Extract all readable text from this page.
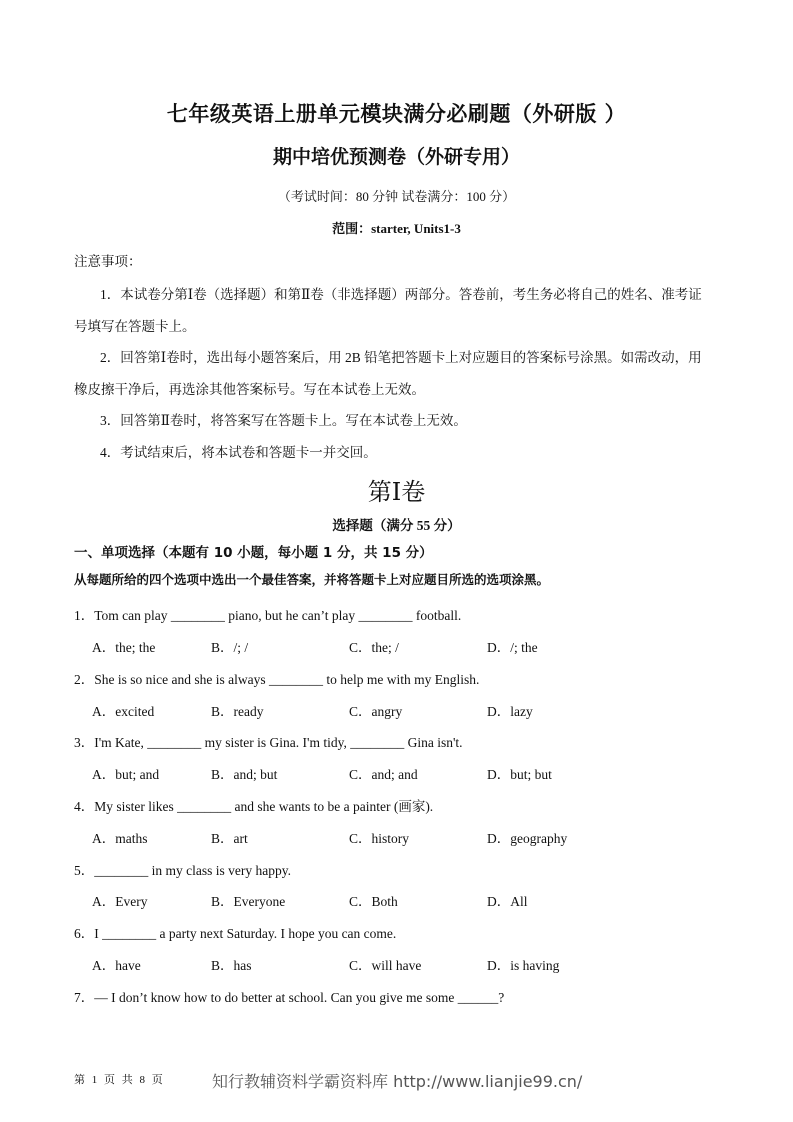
七年级英语上册单元模块满分必刷题（外研版 ）
期中培优预测卷（外研专用）
（考试时间：80 分钟 试卷满分：100 分）
范围：starter, Units1-3
注意事项：
1．本试卷分第Ⅰ卷（选择题）和第Ⅱ卷（非选择题）两部分。答卷前，考生务必将自己的姓名、准考证
号填写在答题卡上。
2．回答第Ⅰ卷时，选出每小题答案后，用 2B 铅笔把答题卡上对应题目的答案标号涂黑。如需改动，用
橡皮擦干净后，再选涂其他答案标号。写在本试卷上无效。
3．回答第Ⅱ卷时，将答案写在答题卡上。写在本试卷上无效。
4．考试结束后，将本试卷和答题卡一并交回。
第Ⅰ卷
选择题（满分 55 分）
一、单项选择（本题有 10 小题，每小题 1 分，共 15 分）
从每题所给的四个选项中选出一个最佳答案，并将答题卡上对应题目所选的选项涂黑。
1．Tom can play ________ piano, but he can’t play ________ football.
A．the; the	B．/; /	C．the; /	D．/; the
2．She is so nice and she is always ________ to help me with my English.
A．excited	B．ready	C．angry	D．lazy
3．I'm Kate, ________ my sister is Gina. I'm tidy, ________ Gina isn't.
A．but; and	B．and; but	C．and; and	D．but; but
4．My sister likes ________ and she wants to be a painter (画家).
A．maths	B．art	C．history	D．geography
5．________ in my class is very happy.
A．Every	B．Everyone	C．Both	D．All
6．I ________ a party next Saturday. I hope you can come.
A．have	B．has	C．will have	D．is having
7．— I don’t know how to do better at school. Can you give me some ______?
第 1 页 共 8 页	知行教辅资料学霸资料库 http://www.lianjie99.cn/
